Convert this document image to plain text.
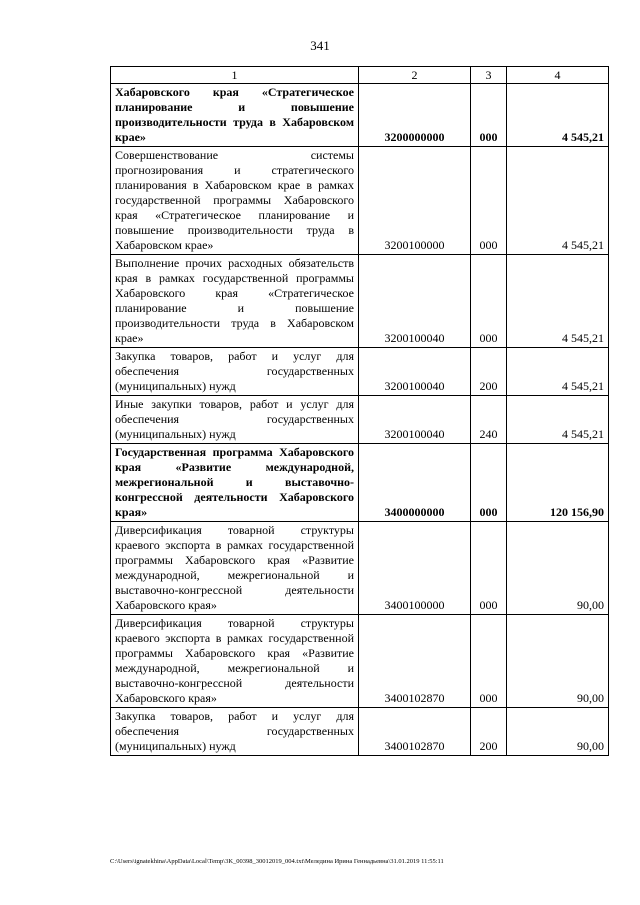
341
1	2	3	4
Хабаровского края «Стратегическое планирование и повышение производительности труда в Хабаровском крае»	3200000000	000	4 545,21
Совершенствование системы прогнозирования и стратегического планирования в Хабаровском крае в рамках государственной программы Хабаровского края «Стратегическое планирование и повышение производительности труда в Хабаровском крае»	3200100000	000	4 545,21
Выполнение прочих расходных обязательств края в рамках государственной программы Хабаровского края «Стратегическое планирование и повышение производительности труда в Хабаровском крае»	3200100040	000	4 545,21
Закупка товаров, работ и услуг для обеспечения государственных (муниципальных) нужд	3200100040	200	4 545,21
Иные закупки товаров, работ и услуг для обеспечения государственных (муниципальных) нужд	3200100040	240	4 545,21
Государственная программа Хабаровского края «Развитие международной, межрегиональной и выставочно-конгрессной деятельности Хабаровского края»	3400000000	000	120 156,90
Диверсификация товарной структуры краевого экспорта в рамках государственной программы Хабаровского края «Развитие международной, межрегиональной и выставочно-конгрессной деятельности Хабаровского края»	3400100000	000	90,00
Диверсификация товарной структуры краевого экспорта в рамках государственной программы Хабаровского края «Развитие международной, межрегиональной и выставочно-конгрессной деятельности Хабаровского края»	3400102870	000	90,00
Закупка товаров, работ и услуг для обеспечения государственных (муниципальных) нужд	3400102870	200	90,00
C:\Users\ignatekhina\AppData\Local\Temp\3K_00398_30012019_004.txt\Меледина Ирина Геннадьевна\31.01.2019 11:55:11
